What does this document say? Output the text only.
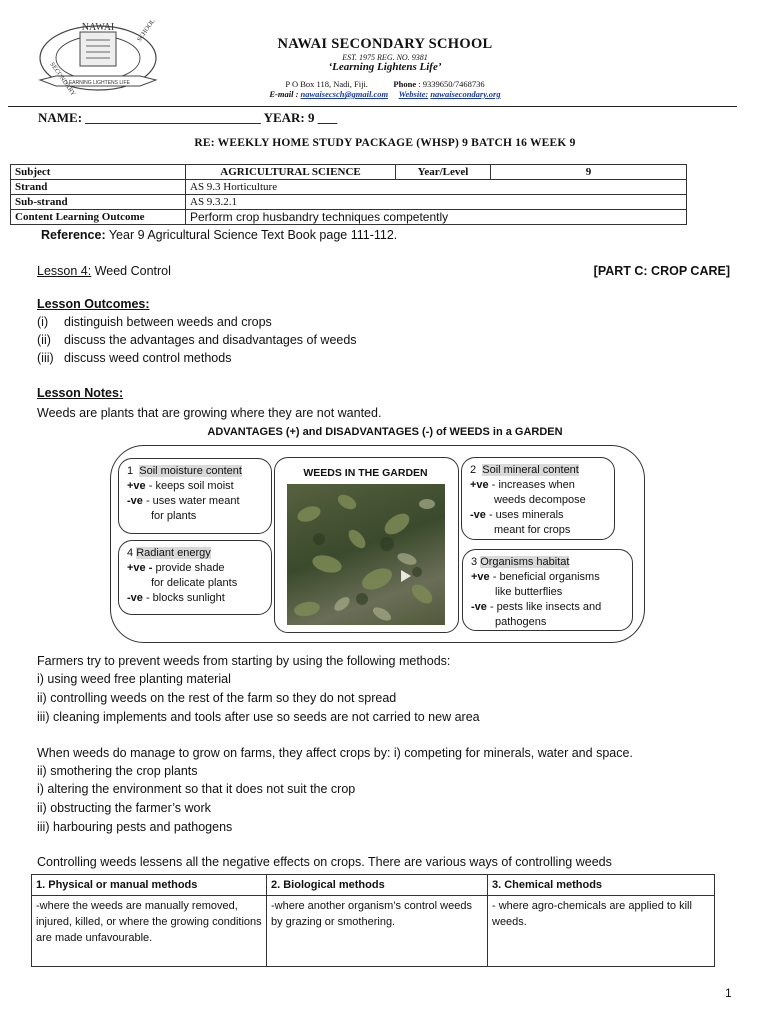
NAWAI
SECONDARY
SCHOOL
LEARNING LIGHTENS LIFE
NAWAI SECONDARY SCHOOL
EST. 1975 REG. NO. 9381
‘Learning Lightens Life’
P O Box 118, Nadi, Fiji.	Phone : 9339650/7468736
E-mail : nawaisecsch@gmail.com Website: nawaisecondary.org
NAME: ___________________________ YEAR: 9 ___
RE: WEEKLY HOME STUDY PACKAGE (WHSP) 9 BATCH 16 WEEK 9
Subject	AGRICULTURAL SCIENCE	Year/Level	9
Strand	AS 9.3 Horticulture		
Sub-strand	AS 9.3.2.1		
Content Learning Outcome	Perform crop husbandry techniques competently		
Reference: Year 9 Agricultural Science Text Book page 111-112.
Lesson 4: Weed Control	[PART C: CROP CARE]
Lesson Outcomes:
(i) distinguish between weeds and crops
(ii) discuss the advantages and disadvantages of weeds
(iii) discuss weed control methods
Lesson Notes:
Weeds are plants that are growing where they are not wanted.
ADVANTAGES (+) and DISADVANTAGES (-) of WEEDS in a GARDEN
1 Soil moisture content
+ve - keeps soil moist
-ve - uses water meant
for plants
WEEDS IN THE GARDEN	2 Soil mineral content
+ve - increases when
weeds decompose
-ve - uses minerals
meant for crops
4 Radiant energy
+ve - provide shade
for delicate plants
-ve - blocks sunlight
3 Organisms habitat
+ve - beneficial organisms
like butterflies
-ve - pests like insects and
pathogens
Farmers try to prevent weeds from starting by using the following methods:
i) using weed free planting material
ii) controlling weeds on the rest of the farm so they do not spread
iii) cleaning implements and tools after use so seeds are not carried to new area
When weeds do manage to grow on farms, they affect crops by: i) competing for minerals, water and space.
ii) smothering the crop plants
i) altering the environment so that it does not suit the crop
ii) obstructing the farmer’s work
iii) harbouring pests and pathogens
Controlling weeds lessens all the negative effects on crops. There are various ways of controlling weeds
1. Physical or manual methods	2. Biological methods	3. Chemical methods
-where the weeds are manually removed, injured, killed, or where the growing conditions are made unfavourable.	-where another organism’s control weeds by grazing or smothering.	- where agro-chemicals are applied to kill weeds.
1
